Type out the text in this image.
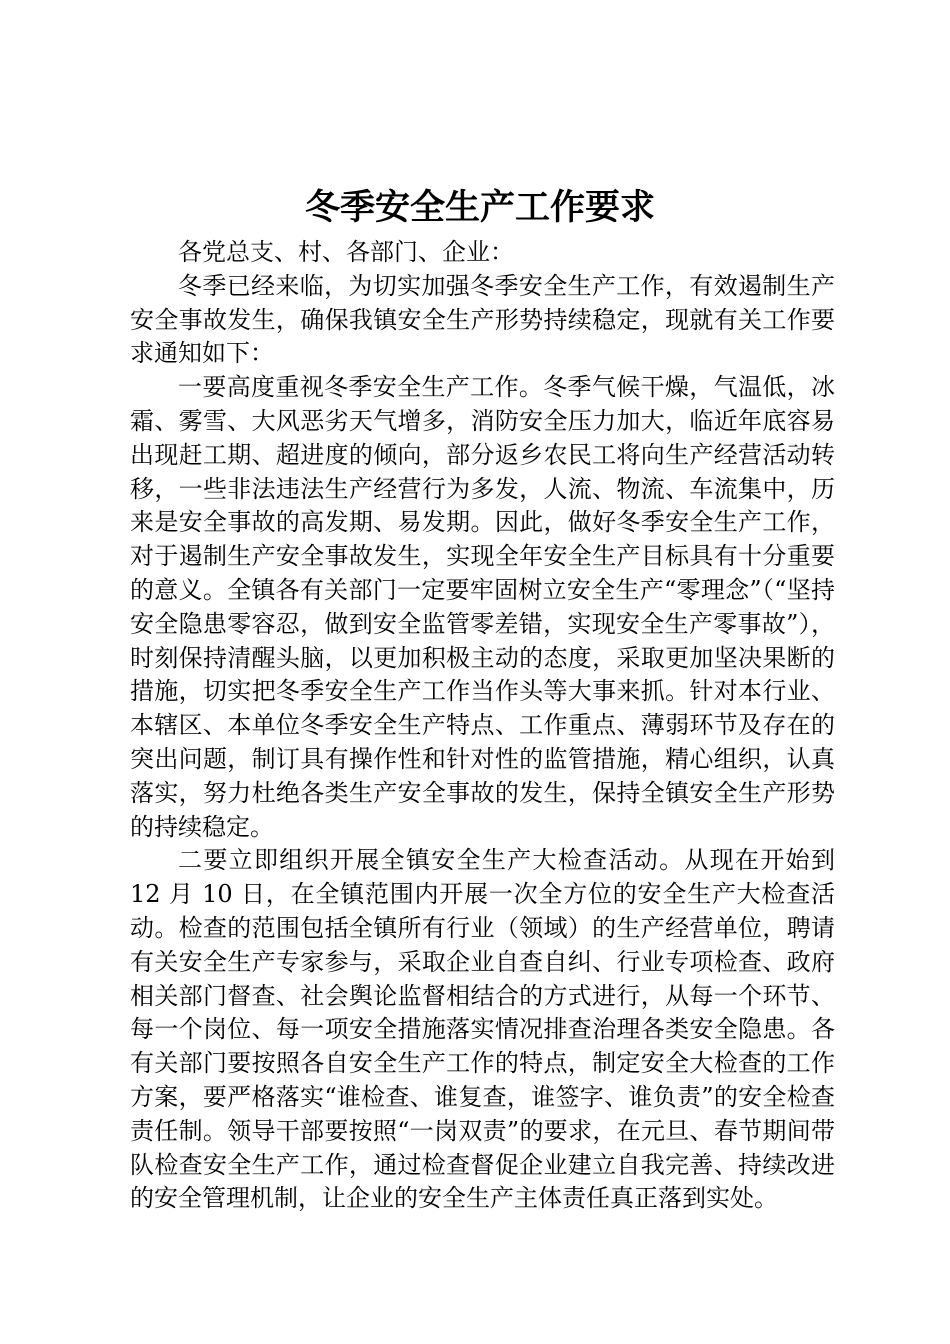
冬季安全生产工作要求

各党总支、村、各部门、企业：

冬季已经来临，为切实加强冬季安全生产工作，有效遏制生产安全事故发生，确保我镇安全生产形势持续稳定，现就有关工作要求通知如下：

一要高度重视冬季安全生产工作。冬季气候干燥，气温低，冰霜、雾雪、大风恶劣天气增多，消防安全压力加大，临近年底容易出现赶工期、超进度的倾向，部分返乡农民工将向生产经营活动转移，一些非法违法生产经营行为多发，人流、物流、车流集中，历来是安全事故的高发期、易发期。因此，做好冬季安全生产工作，对于遏制生产安全事故发生，实现全年安全生产目标具有十分重要的意义。全镇各有关部门一定要牢固树立安全生产“零理念”（“坚持安全隐患零容忍，做到安全监管零差错，实现安全生产零事故”），时刻保持清醒头脑，以更加积极主动的态度，采取更加坚决果断的措施，切实把冬季安全生产工作当作头等大事来抓。针对本行业、本辖区、本单位冬季安全生产特点、工作重点、薄弱环节及存在的突出问题，制订具有操作性和针对性的监管措施，精心组织，认真落实，努力杜绝各类生产安全事故的发生，保持全镇安全生产形势的持续稳定。

二要立即组织开展全镇安全生产大检查活动。从现在开始到 12 月 10 日，在全镇范围内开展一次全方位的安全生产大检查活动。检查的范围包括全镇所有行业（领域）的生产经营单位，聘请有关安全生产专家参与，采取企业自查自纠、行业专项检查、政府相关部门督查、社会舆论监督相结合的方式进行，从每一个环节、每一个岗位、每一项安全措施落实情况排查治理各类安全隐患。各有关部门要按照各自安全生产工作的特点，制定安全大检查的工作方案，要严格落实“谁检查、谁复查，谁签字、谁负责”的安全检查责任制。领导干部要按照“一岗双责”的要求，在元旦、春节期间带队检查安全生产工作，通过检查督促企业建立自我完善、持续改进的安全管理机制，让企业的安全生产主体责任真正落到实处。
